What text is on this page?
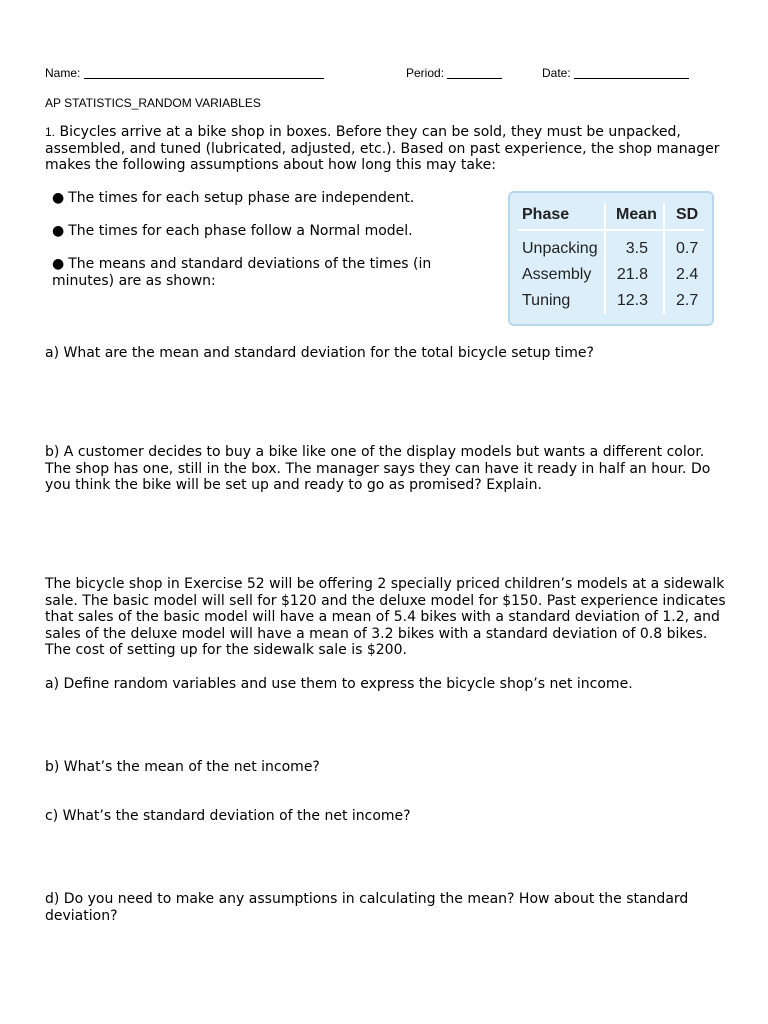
Name:	Period:	Date:
AP STATISTICS_RANDOM VARIABLES
1. Bicycles arrive at a bike shop in boxes. Before they can be sold, they must be unpacked, assembled, and tuned (lubricated, adjusted, etc.). Based on past experience, the shop manager makes the following assumptions about how long this may take:
● The times for each setup phase are independent.
● The times for each phase follow a Normal model.
● The means and standard deviations of the times (in minutes) are as shown:
Phase	Mean SD
Unpacking 3.5 0.7
Assembly 21.8 2.4
Tuning	12.3 2.7
a) What are the mean and standard deviation for the total bicycle setup time?
b) A customer decides to buy a bike like one of the display models but wants a different color. The shop has one, still in the box. The manager says they can have it ready in half an hour. Do you think the bike will be set up and ready to go as promised? Explain.
The bicycle shop in Exercise 52 will be offering 2 specially priced children’s models at a sidewalk sale. The basic model will sell for $120 and the deluxe model for $150. Past experience indicates that sales of the basic model will have a mean of 5.4 bikes with a standard deviation of 1.2, and sales of the deluxe model will have a mean of 3.2 bikes with a standard deviation of 0.8 bikes. The cost of setting up for the sidewalk sale is $200.
a) Define random variables and use them to express the bicycle shop’s net income.
b) What’s the mean of the net income?
c) What’s the standard deviation of the net income?
d) Do you need to make any assumptions in calculating the mean? How about the standard deviation?
